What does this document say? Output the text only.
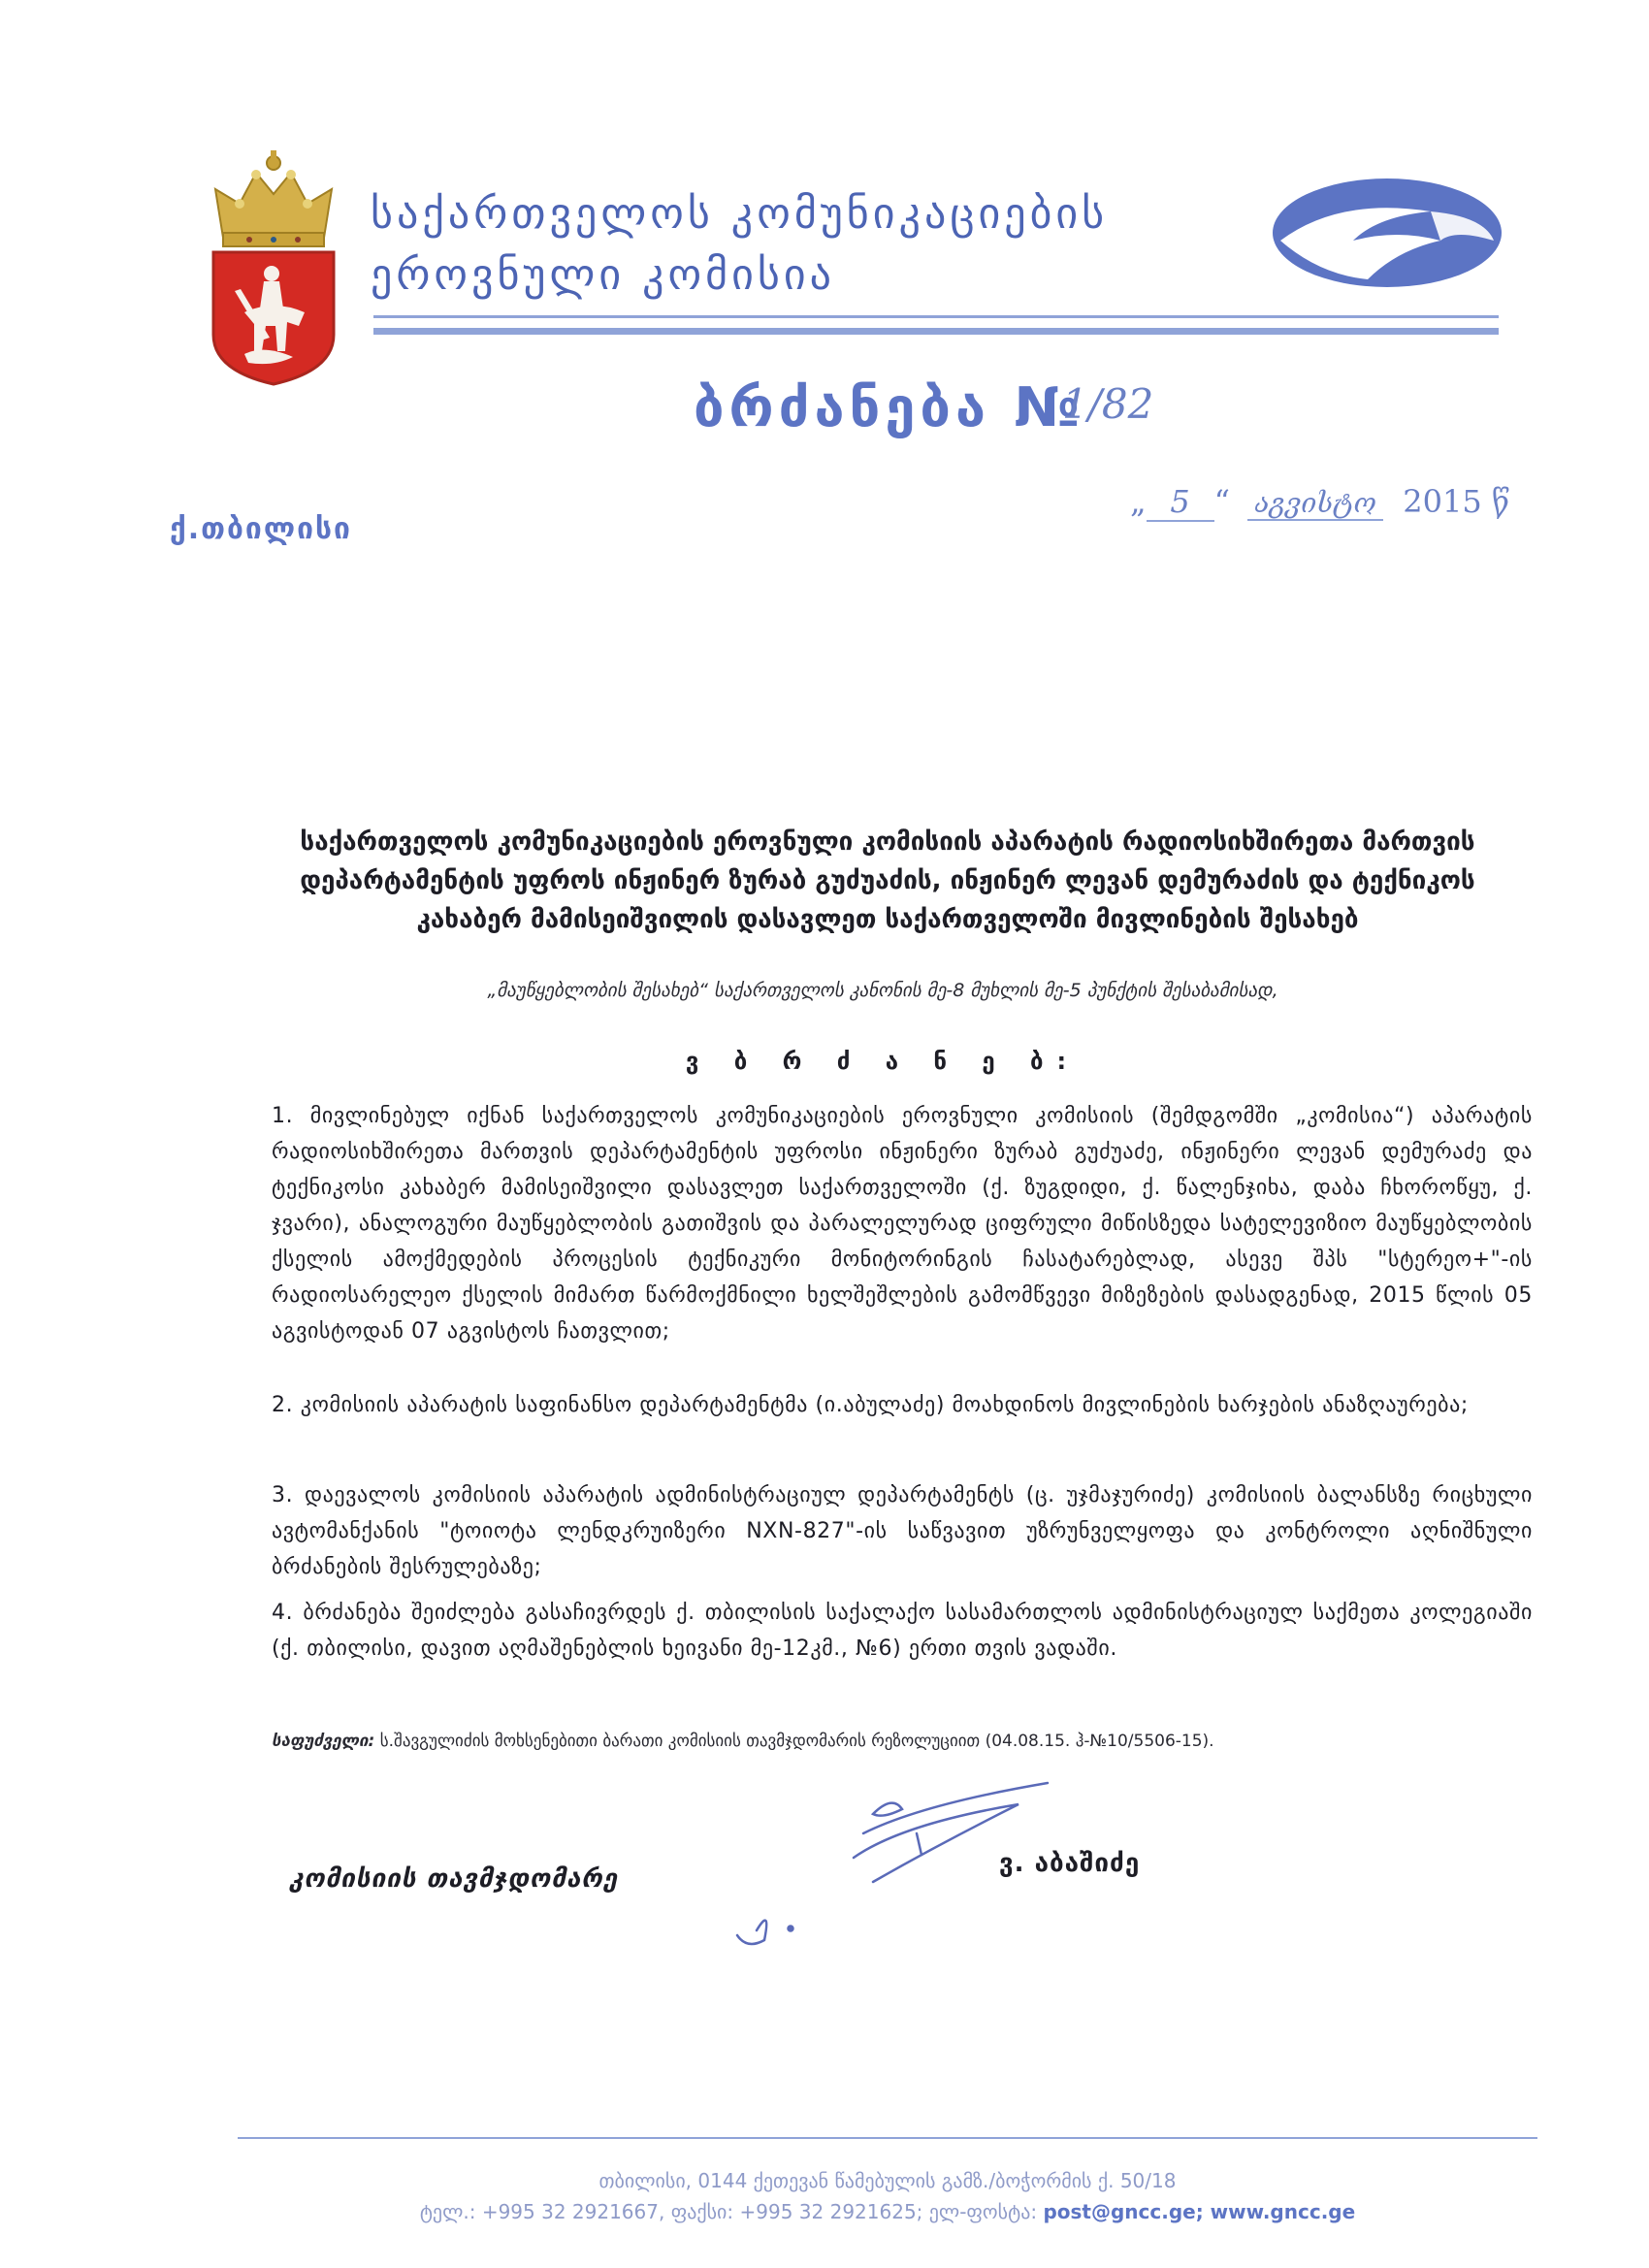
საქართველოს კომუნიკაციების
ეროვნული კომისია
ბრძანება №
1/82
ქ.თბილისი
„ 5 “ აგვისტო 2015 წ
საქართველოს კომუნიკაციების ეროვნული კომისიის აპარატის რადიოსიხშირეთა მართვის დეპარტამენტის უფროს ინჟინერ ზურაბ გუძუაძის, ინჟინერ ლევან დემურაძის და ტექნიკოს კახაბერ მამისეიშვილის დასავლეთ საქართველოში მივლინების შესახებ
„მაუწყებლობის შესახებ“ საქართველოს კანონის მე-8 მუხლის მე-5 პუნქტის შესაბამისად,
ვ ბ რ ძ ა ნ ე ბ:
1. მივლინებულ იქნან საქართველოს კომუნიკაციების ეროვნული კომისიის (შემდგომში „კომისია“) აპარატის რადიოსიხშირეთა მართვის დეპარტამენტის უფროსი ინჟინერი ზურაბ გუძუაძე, ინჟინერი ლევან დემურაძე და ტექნიკოსი კახაბერ მამისეიშვილი დასავლეთ საქართველოში (ქ. ზუგდიდი, ქ. წალენჯიხა, დაბა ჩხოროწყუ, ქ. ჯვარი), ანალოგური მაუწყებლობის გათიშვის და პარალელურად ციფრული მიწისზედა სატელევიზიო მაუწყებლობის ქსელის ამოქმედების პროცესის ტექნიკური მონიტორინგის ჩასატარებლად, ასევე შპს "სტერეო+"-ის რადიოსარელეო ქსელის მიმართ წარმოქმნილი ხელშეშლების გამომწვევი მიზეზების დასადგენად, 2015 წლის 05 აგვისტოდან 07 აგვისტოს ჩათვლით;
2. კომისიის აპარატის საფინანსო დეპარტამენტმა (ი.აბულაძე) მოახდინოს მივლინების ხარჯების ანაზღაურება;
3. დაევალოს კომისიის აპარატის ადმინისტრაციულ დეპარტამენტს (ც. უჯმაჯურიძე) კომისიის ბალანსზე რიცხული ავტომანქანის "ტოიოტა ლენდკრუიზერი NXN-827"-ის საწვავით უზრუნველყოფა და კონტროლი აღნიშნული ბრძანების შესრულებაზე;
4. ბრძანება შეიძლება გასაჩივრდეს ქ. თბილისის საქალაქო სასამართლოს ადმინისტრაციულ საქმეთა კოლეგიაში (ქ. თბილისი, დავით აღმაშენებლის ხეივანი მე-12კმ., №6) ერთი თვის ვადაში.
საფუძველი: ს.შავგულიძის მოხსენებითი ბარათი კომისიის თავმჯდომარის რეზოლუციით (04.08.15. ჰ-№10/5506-15).
კომისიის თავმჯდომარე
ვ. აბაშიძე
თბილისი, 0144 ქეთევან წამებულის გამზ./ბოჭორმის ქ. 50/18
ტელ.: +995 32 2921667, ფაქსი: +995 32 2921625; ელ-ფოსტა: post@gncc.ge; www.gncc.ge
